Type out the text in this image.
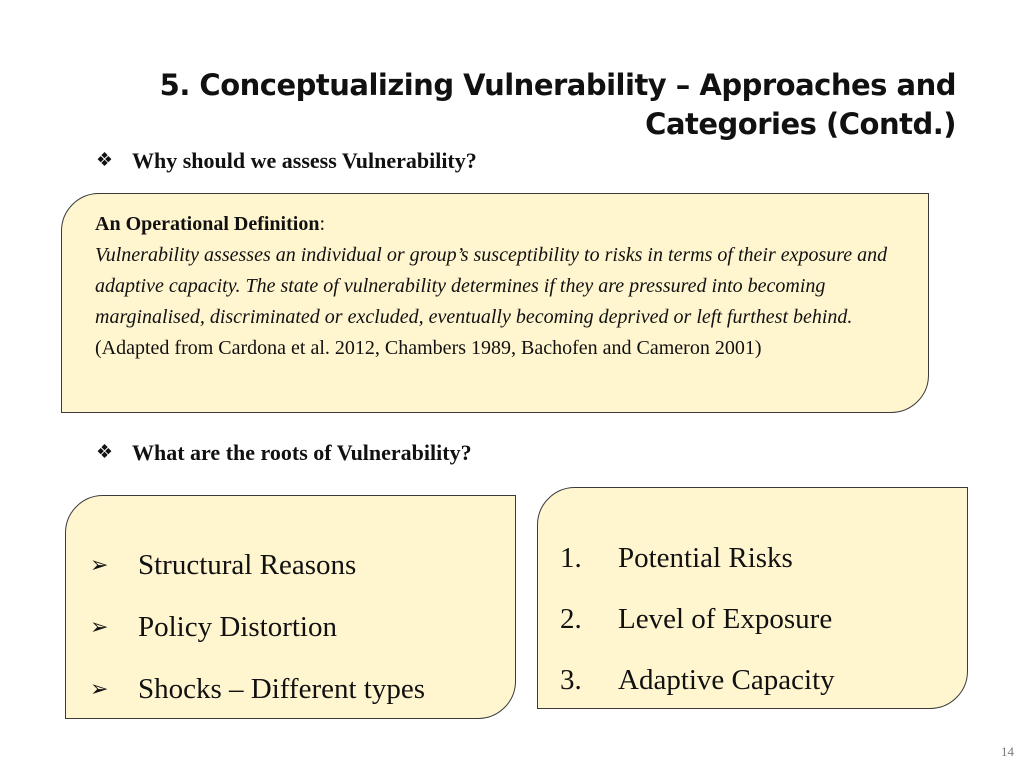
5. Conceptualizing Vulnerability – Approaches and
Categories (Contd.)
❖ Why should we assess Vulnerability?
An Operational Definition:
Vulnerability assesses an individual or group’s susceptibility to risks in terms of their exposure and adaptive capacity. The state of vulnerability determines if they are pressured into becoming marginalised, discriminated or excluded, eventually becoming deprived or left furthest behind. (Adapted from Cardona et al. 2012, Chambers 1989, Bachofen and Cameron 2001)
❖ What are the roots of Vulnerability?
➢	Structural Reasons
➢	Policy Distortion
➢	Shocks – Different types
1.	Potential Risks
2.	Level of Exposure
3.	Adaptive Capacity
14
